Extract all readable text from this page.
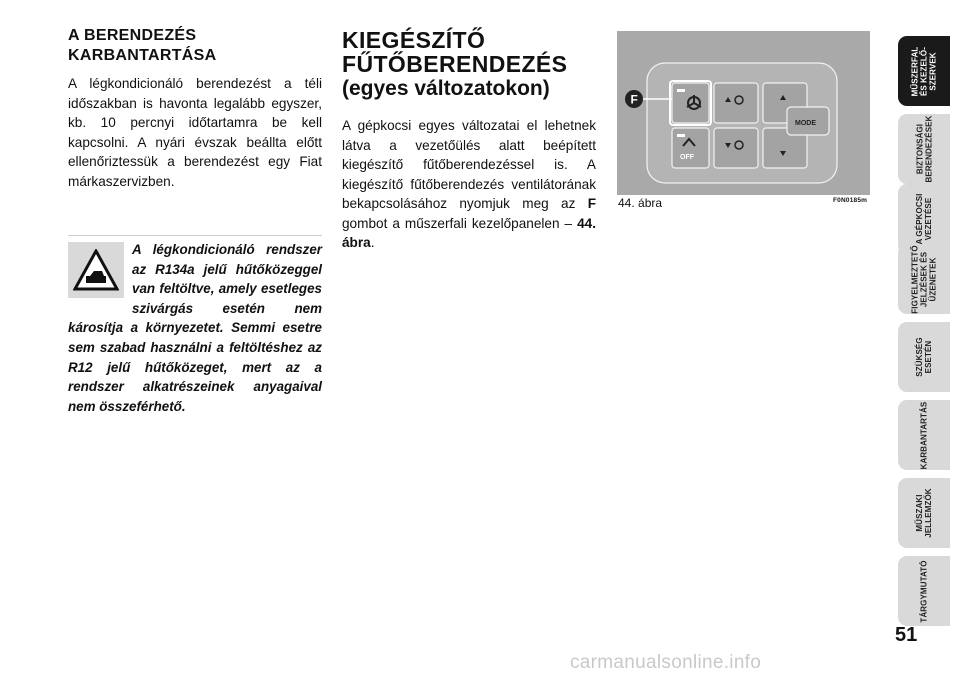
A BERENDEZÉS KARBANTARTÁSA

A légkondicionáló berendezést a téli időszakban is havonta legalább egyszer, kb. 10 percnyi időtartamra be kell kapcsolni. A nyári évszak beállta előtt ellenőriztessük a berendezést egy Fiat márkaszervizben.

A légkondicionáló rendszer az R134a jelű hűtőközeggel van feltöltve, amely esetleges szivárgás esetén nem károsítja a környezetet. Semmi esetre sem szabad használni a feltöltéshez az R12 jelű hűtőközeget, mert az a rendszer alkatrészeinek anyagaival nem összeférhető.

KIEGÉSZÍTŐ
FŰTŐBERENDEZÉS
(egyes változatokon)

A gépkocsi egyes változatai el lehetnek látva a vezetőülés alatt beépített kiegészítő fűtőberendezéssel is. A kiegészítő fűtőberendezés ventilátorának bekapcsolásához nyomjuk meg az F gombot a műszerfali kezelőpanelen – 44. ábra.

OFF
MODE
F
44. ábra	F0N0185m
MŰSZERFAL ÉS KEZELŐ- SZERVEK
BIZTONSÁGI BERENDEZÉSEK
A GÉPKOCSI VEZETÉSE
FIGYELMEZTETŐ JELZÉSEK ÉS ÜZENETEK
SZÜKSÉG ESETÉN
KARBANTARTÁS
MŰSZAKI JELLEMZŐK
TÁRGYMUTATÓ
51
carmanualsonline.info
